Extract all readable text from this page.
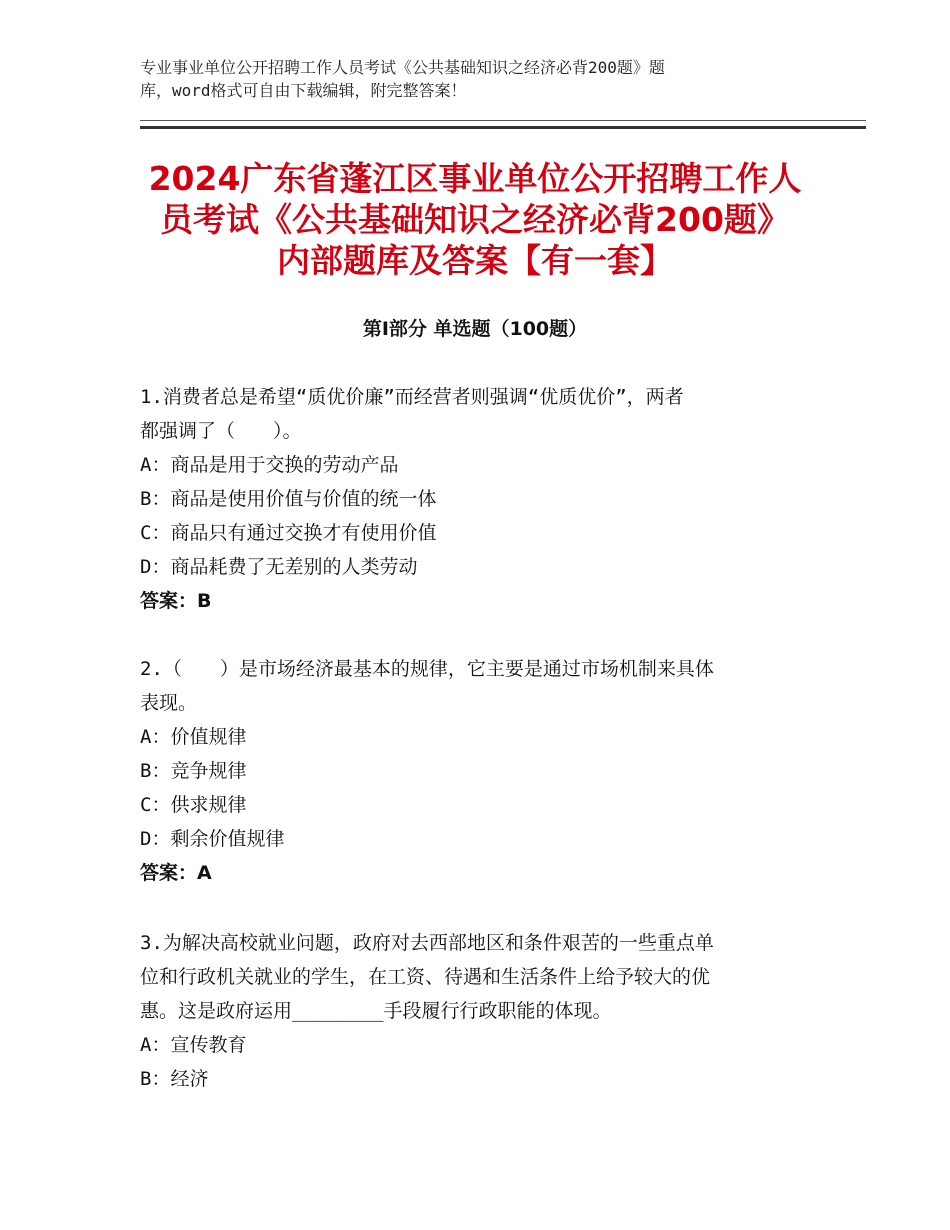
专业事业单位公开招聘工作人员考试《公共基础知识之经济必背200题》题
库，word格式可自由下载编辑，附完整答案！
2024广东省蓬江区事业单位公开招聘工作人
员考试《公共基础知识之经济必背200题》
内部题库及答案【有一套】
第Ⅰ部分 单选题（100题）
1.消费者总是希望“质优价廉”而经营者则强调“优质优价”，两者
都强调了（　　）。
A：商品是用于交换的劳动产品
B：商品是使用价值与价值的统一体
C：商品只有通过交换才有使用价值
D：商品耗费了无差别的人类劳动
答案：B
2.（　　）是市场经济最基本的规律，它主要是通过市场机制来具体
表现。
A：价值规律
B：竞争规律
C：供求规律
D：剩余价值规律
答案：A
3.为解决高校就业问题，政府对去西部地区和条件艰苦的一些重点单
位和行政机关就业的学生，在工资、待遇和生活条件上给予较大的优
惠。这是政府运用________手段履行行政职能的体现。
A：宣传教育
B：经济
